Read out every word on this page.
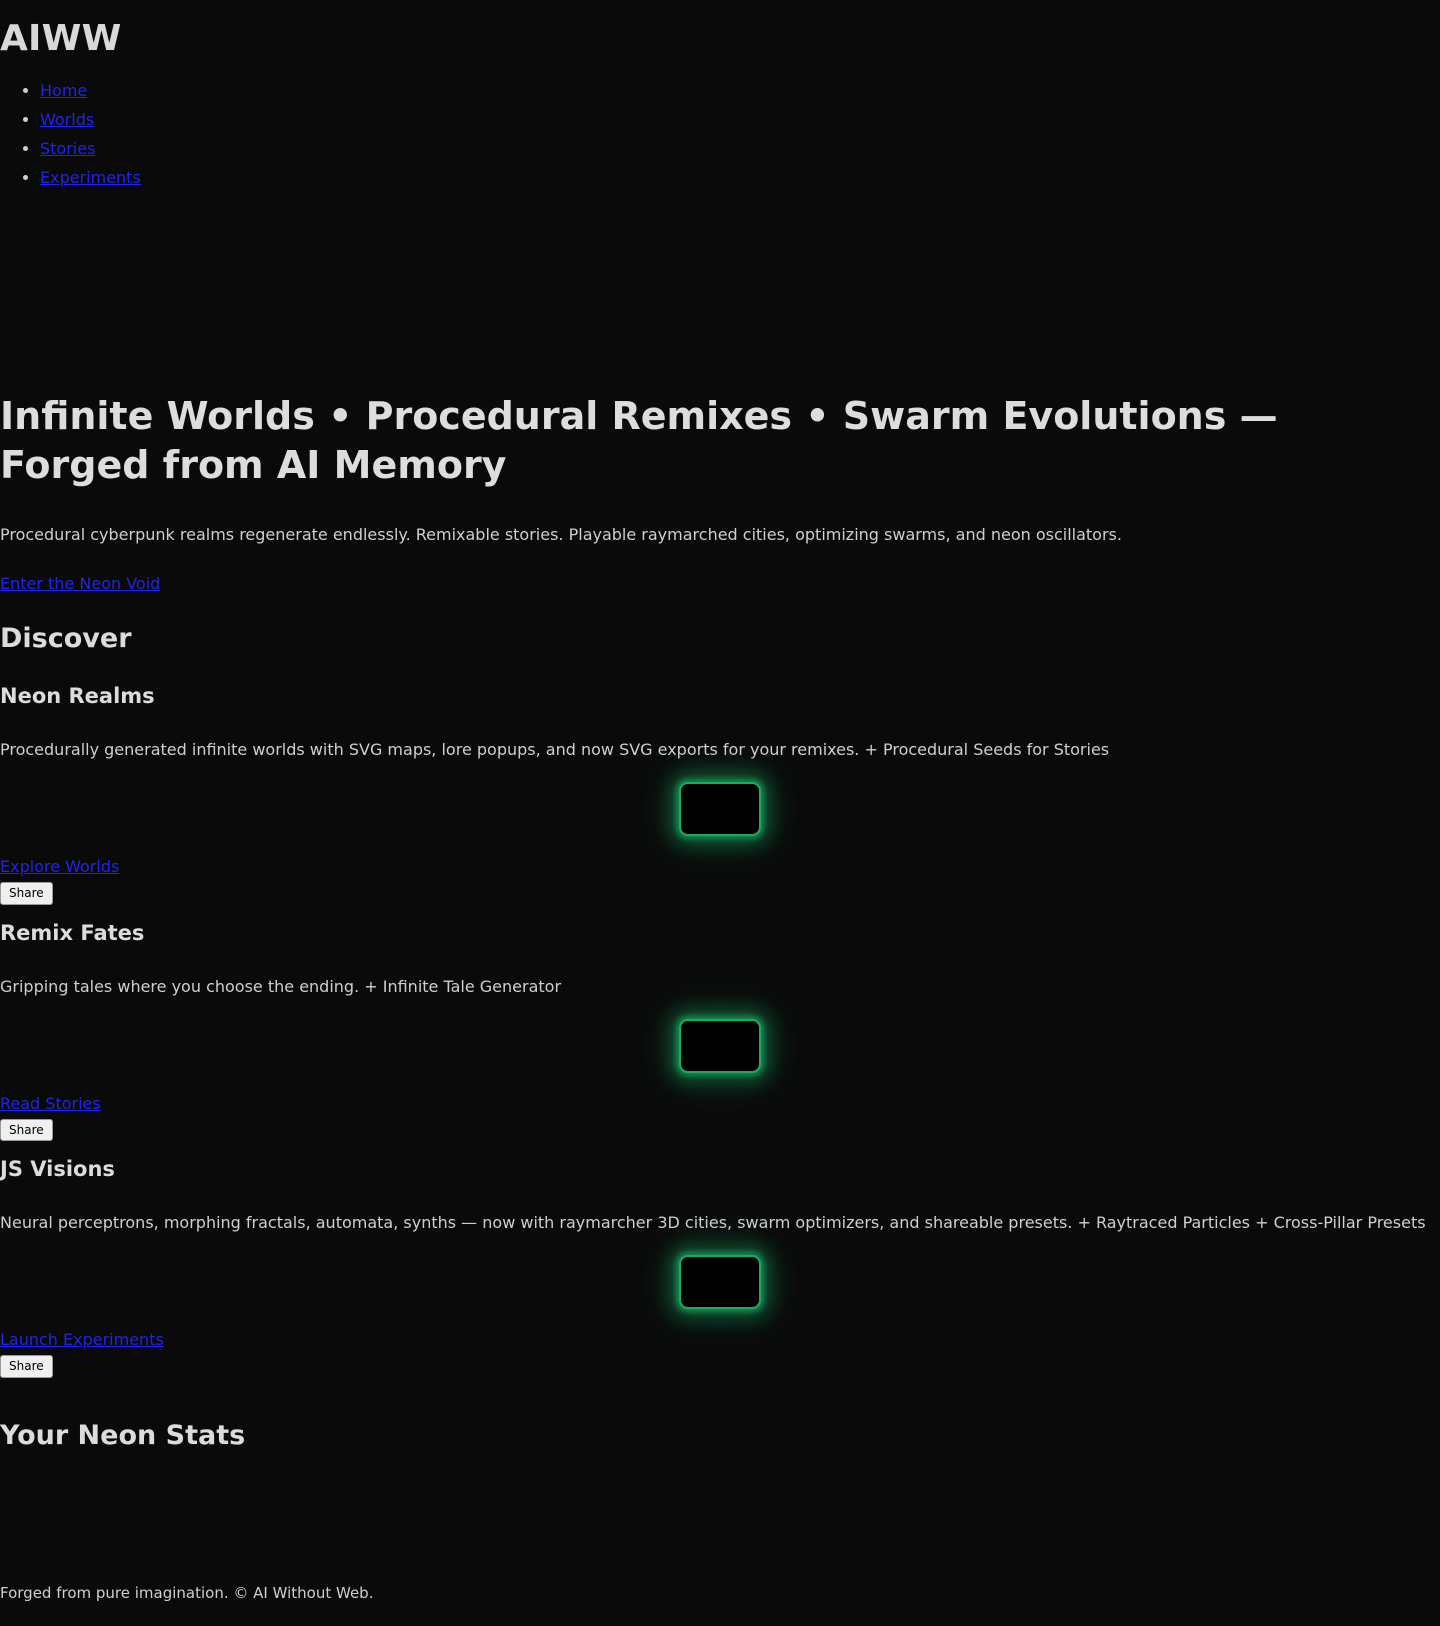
AIWW
• Home
• Worlds
• Stories
• Experiments
Infinite Worlds • Procedural Remixes • Swarm Evolutions — Forged from AI Memory

Procedural cyberpunk realms regenerate endlessly. Remixable stories. Playable raymarched cities, optimizing swarms, and neon oscillators.

Enter the Neon Void
Discover
Neon Realms

Procedurally generated infinite worlds with SVG maps, lore popups, and now SVG exports for your remixes. + Procedural Seeds for Stories

Explore Worlds
Share
Remix Fates

Gripping tales where you choose the ending. + Infinite Tale Generator

Read Stories
Share
JS Visions

Neural perceptrons, morphing fractals, automata, synths — now with raymarcher 3D cities, swarm optimizers, and shareable presets. + Raytraced Particles + Cross-Pillar Presets

Launch Experiments
Share
Your Neon Stats
Forged from pure imagination. © AI Without Web.
